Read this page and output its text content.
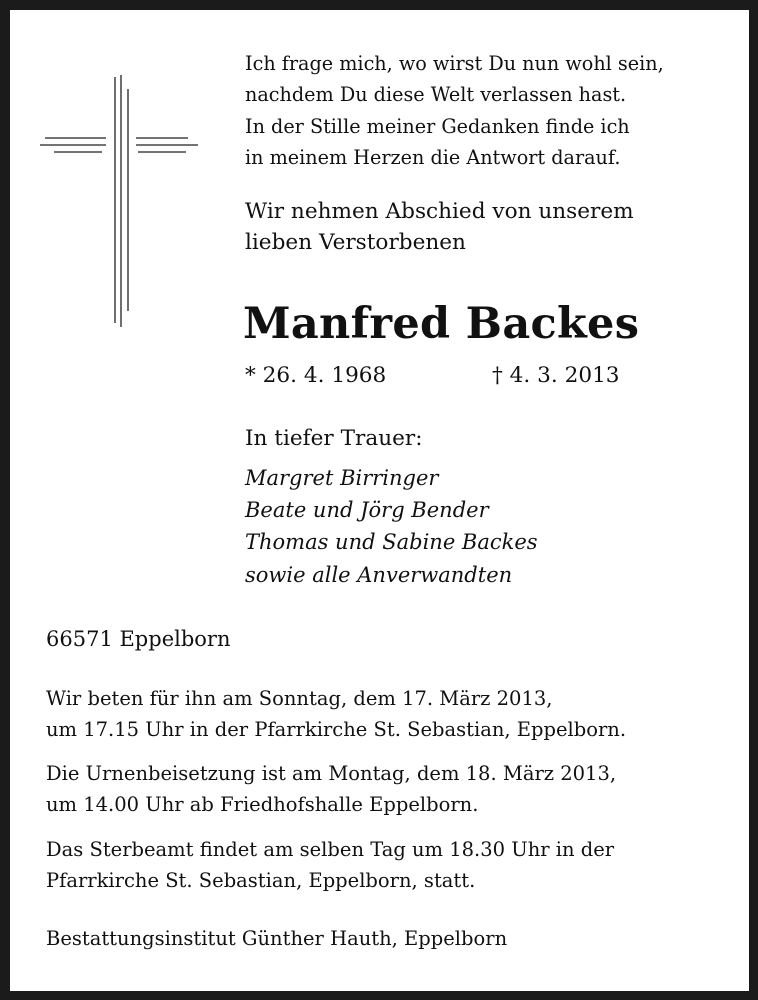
Ich frage mich, wo wirst Du nun wohl sein,
nachdem Du diese Welt verlassen hast.
In der Stille meiner Gedanken finde ich
in meinem Herzen die Antwort darauf.
Wir nehmen Abschied von unserem
lieben Verstorbenen
Manfred Backes
* 26. 4. 1968	† 4. 3. 2013
In tiefer Trauer:
Margret Birringer
Beate und Jörg Bender
Thomas und Sabine Backes
sowie alle Anverwandten
66571 Eppelborn
Wir beten für ihn am Sonntag, dem 17. März 2013,
um 17.15 Uhr in der Pfarrkirche St. Sebastian, Eppelborn.
Die Urnenbeisetzung ist am Montag, dem 18. März 2013,
um 14.00 Uhr ab Friedhofshalle Eppelborn.
Das Sterbeamt findet am selben Tag um 18.30 Uhr in der
Pfarrkirche St. Sebastian, Eppelborn, statt.
Bestattungsinstitut Günther Hauth, Eppelborn
